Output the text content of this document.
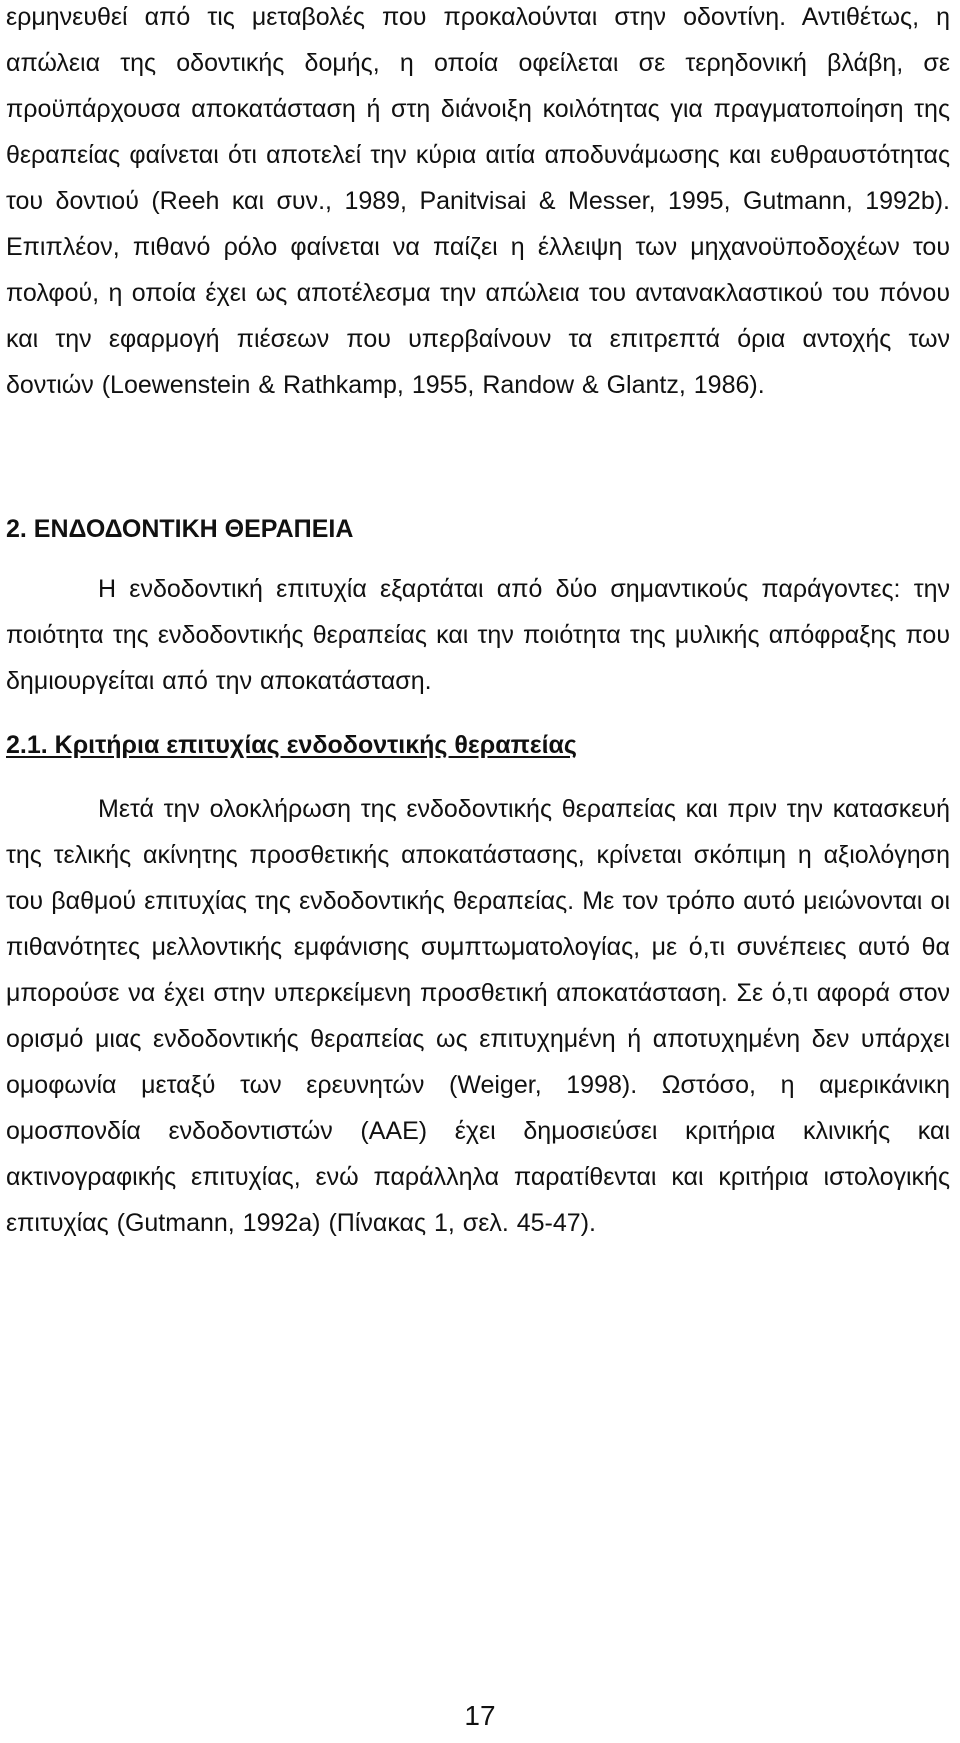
ερμηνευθεί από τις μεταβολές που προκαλούνται στην οδοντίνη. Αντιθέτως, η απώλεια της οδοντικής δομής, η οποία οφείλεται σε τερηδονική βλάβη, σε προϋπάρχουσα αποκατάσταση ή στη διάνοιξη κοιλότητας για πραγματοποίηση της θεραπείας φαίνεται ότι αποτελεί την κύρια αιτία αποδυνάμωσης και ευθραυστότητας του δοντιού (Reeh και συν., 1989, Panitvisai & Messer, 1995, Gutmann, 1992b). Επιπλέον, πιθανό ρόλο φαίνεται να παίζει η έλλειψη των μηχανοϋποδοχέων του πολφού, η οποία έχει ως αποτέλεσμα την απώλεια του αντανακλαστικού του πόνου και την εφαρμογή πιέσεων που υπερβαίνουν τα επιτρεπτά όρια αντοχής των δοντιών (Loewenstein & Rathkamp, 1955, Randow & Glantz, 1986).

2. ΕΝΔΟΔΟΝΤΙΚΗ ΘΕΡΑΠΕΙΑ

Η ενδοδοντική επιτυχία εξαρτάται από δύο σημαντικούς παράγοντες: την ποιότητα της ενδοδοντικής θεραπείας και την ποιότητα της μυλικής απόφραξης που δημιουργείται από την αποκατάσταση.

2.1. Κριτήρια επιτυχίας ενδοδοντικής θεραπείας

Μετά την ολοκλήρωση της ενδοδοντικής θεραπείας και πριν την κατασκευή της τελικής ακίνητης προσθετικής αποκατάστασης, κρίνεται σκόπιμη η αξιολόγηση του βαθμού επιτυχίας της ενδοδοντικής θεραπείας. Με τον τρόπο αυτό μειώνονται οι πιθανότητες μελλοντικής εμφάνισης συμπτωματολογίας, με ό,τι συνέπειες αυτό θα μπορούσε να έχει στην υπερκείμενη προσθετική αποκατάσταση. Σε ό,τι αφορά στον ορισμό μιας ενδοδοντικής θεραπείας ως επιτυχημένη ή αποτυχημένη δεν υπάρχει ομοφωνία μεταξύ των ερευνητών (Weiger, 1998). Ωστόσο, η αμερικάνικη ομοσπονδία ενδοδοντιστών (ΑΑΕ) έχει δημοσιεύσει κριτήρια κλινικής και ακτινογραφικής επιτυχίας, ενώ παράλληλα παρατίθενται και κριτήρια ιστολογικής επιτυχίας (Gutmann, 1992a) (Πίνακας 1, σελ. 45-47).

17
